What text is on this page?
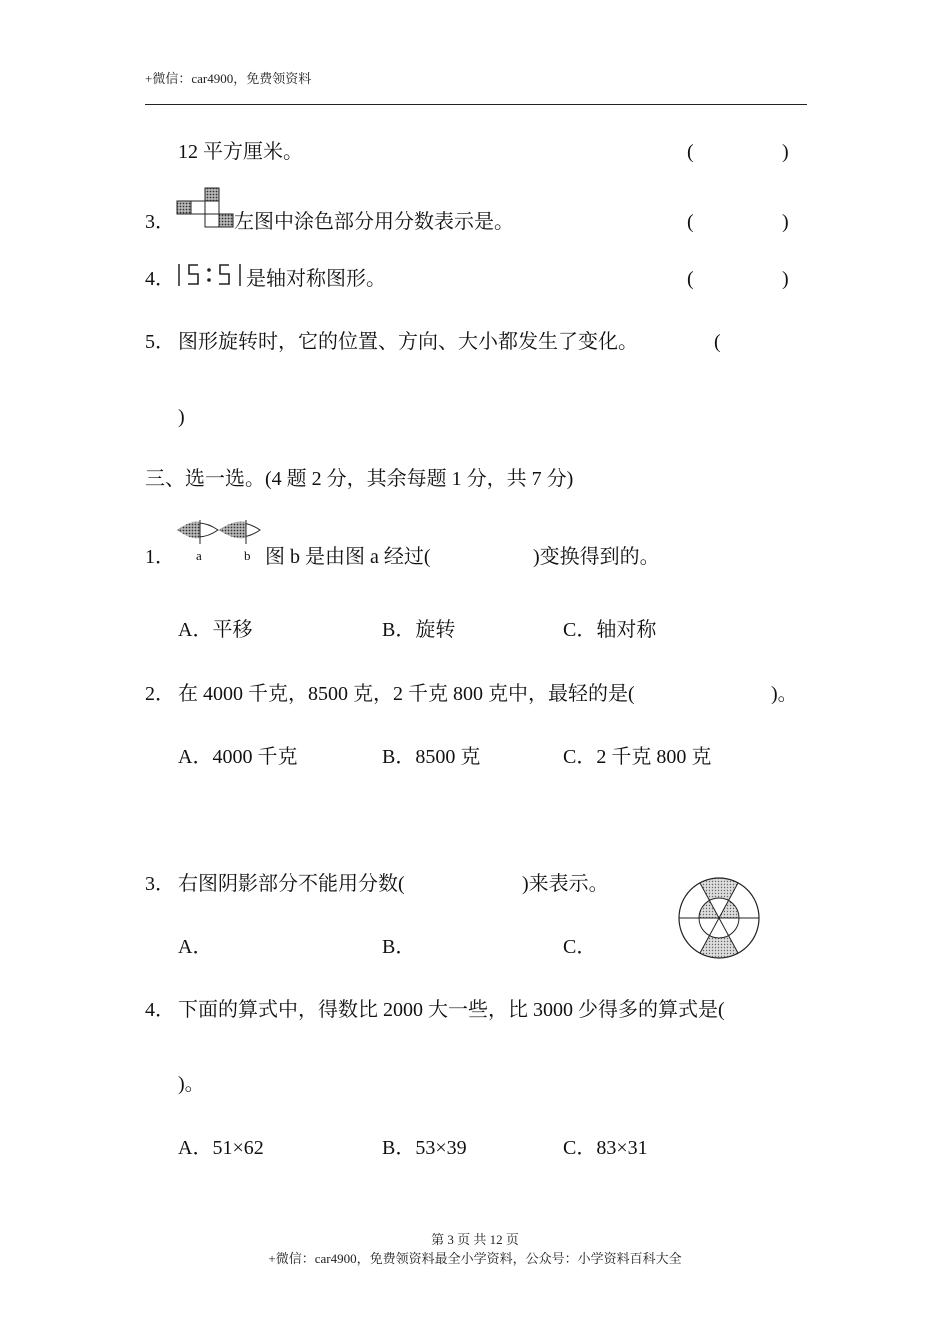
+微信：car4900，免费领资料
12 平方厘米。	(	)
3．	左图中涂色部分用分数表示是。	(	)
4．	是轴对称图形。	(	)
5． 图形旋转时，它的位置、方向、大小都发生了变化。	(
)
三、选一选。(4 题 2 分，其余每题 1 分，共 7 分)
1． a	b 图 b 是由图 a 经过(	)变换得到的。
A．平移	B．旋转	C．轴对称
2． 在 4000 千克，8500 克，2 千克 800 克中，最轻的是(	)。
A．4000 千克	B．8500 克	C．2 千克 800 克
3． 右图阴影部分不能用分数(	)来表示。
A．	B．	C．
4． 下面的算式中，得数比 2000 大一些，比 3000 少得多的算式是(
)。
A．51×62	B．53×39	C．83×31
第 3 页 共 12 页
+微信：car4900，免费领资料最全小学资料，公众号：小学资料百科大全
